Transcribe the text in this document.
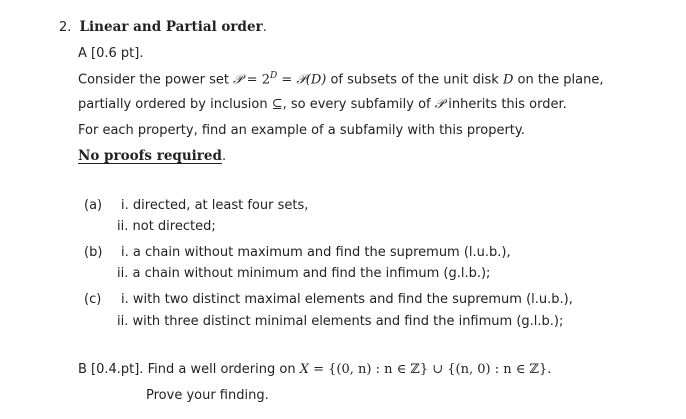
2. Linear and Partial order.
A [0.6 pt].
Consider the power set 𝒫 = $2^D$ = 𝒫(D) of subsets of the unit disk D on the plane,
partially ordered by inclusion ⊆, so every subfamily of 𝒫 inherits this order.
For each property, find an example of a subfamily with this property.
No proofs required.
(a) i. directed, at least four sets,
ii. not directed;
(b) i. a chain without maximum and find the supremum (l.u.b.),
ii. a chain without minimum and find the infimum (g.l.b.);
(c) i. with two distinct maximal elements and find the supremum (l.u.b.),
ii. with three distinct minimal elements and find the infimum (g.l.b.);
B [0.4.pt]. Find a well ordering on X = {(0, n) : n ∈ ℤ} ∪ {(n, 0) : n ∈ ℤ}.
Prove your finding.
